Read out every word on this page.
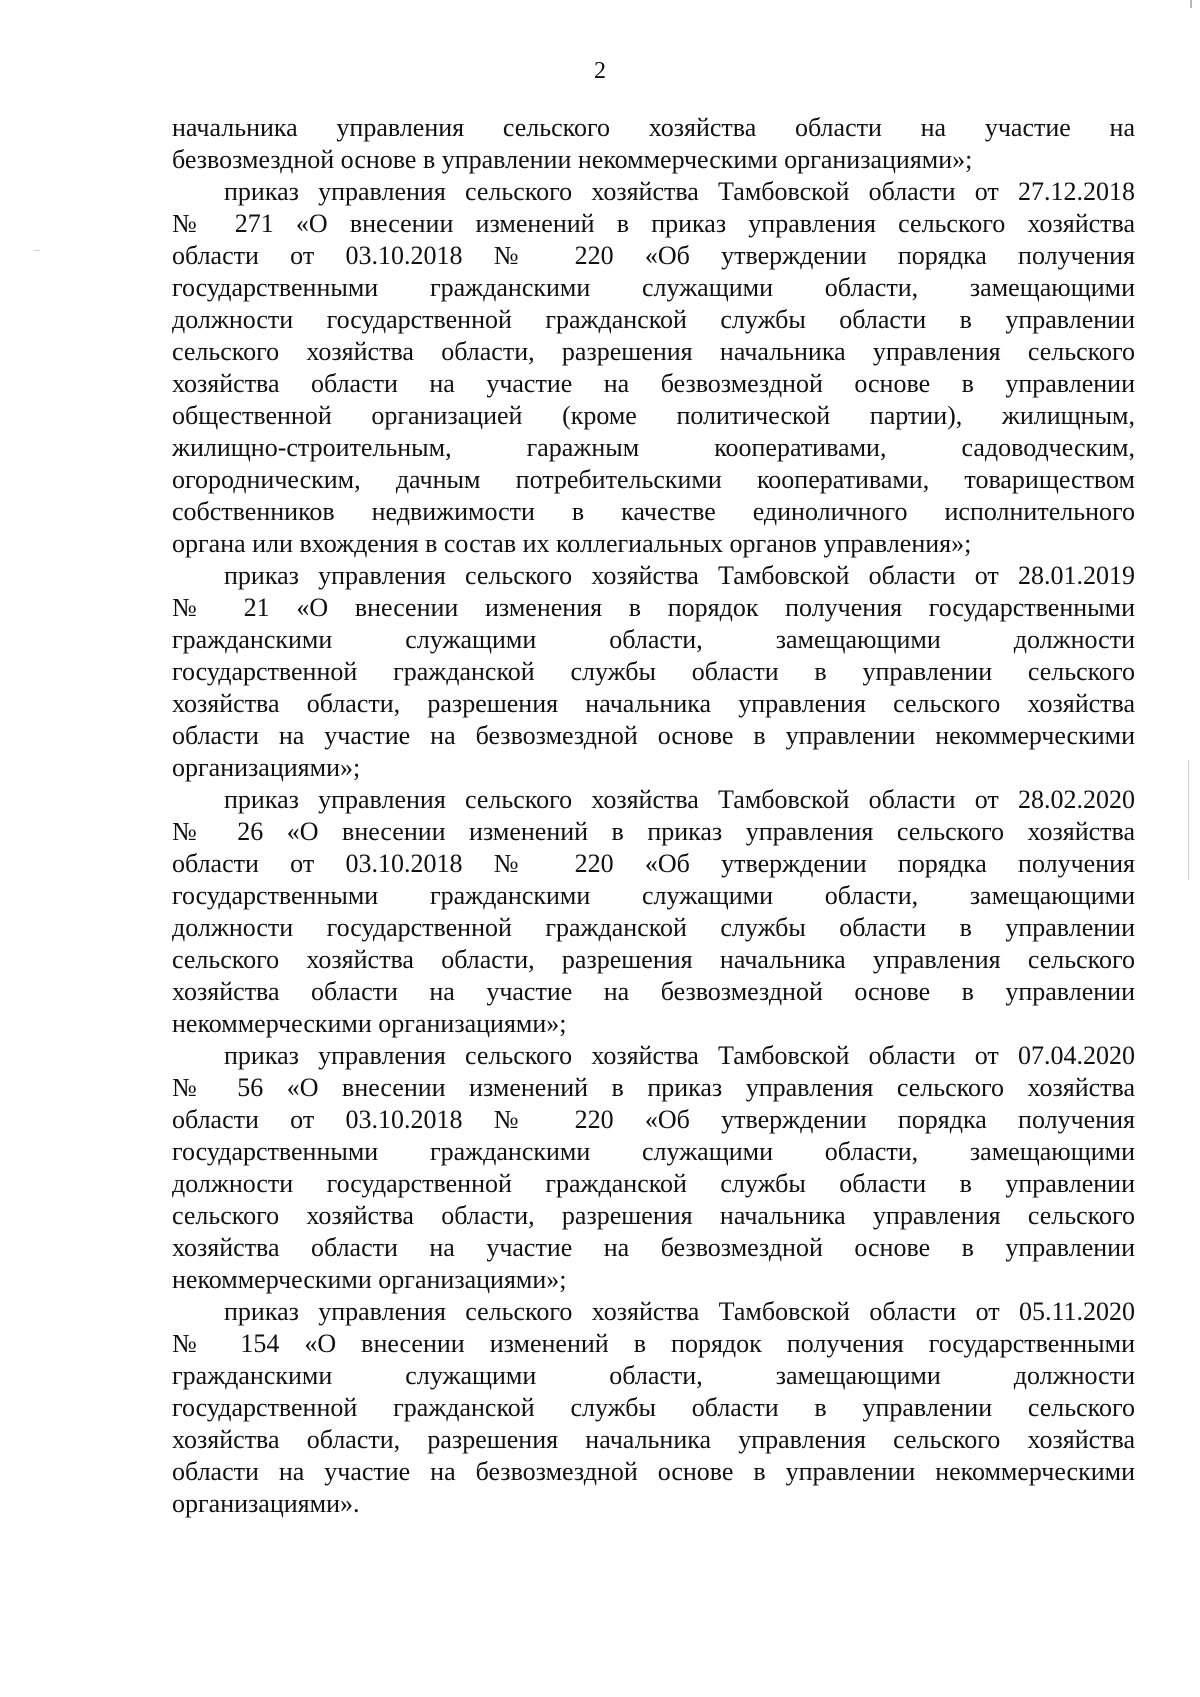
2
начальника управления сельского хозяйства области на участие на
безвозмездной основе в управлении некоммерческими организациями»;
приказ управления сельского хозяйства Тамбовской области от 27.12.2018
№ 271 «О внесении изменений в приказ управления сельского хозяйства
области от 03.10.2018 № 220 «Об утверждении порядка получения
государственными гражданскими служащими области, замещающими
должности государственной гражданской службы области в управлении
сельского хозяйства области, разрешения начальника управления сельского
хозяйства области на участие на безвозмездной основе в управлении
общественной организацией (кроме политической партии), жилищным,
жилищно-строительным, гаражным кооперативами, садоводческим,
огородническим, дачным потребительскими кооперативами, товариществом
собственников недвижимости в качестве единоличного исполнительного
органа или вхождения в состав их коллегиальных органов управления»;
приказ управления сельского хозяйства Тамбовской области от 28.01.2019
№ 21 «О внесении изменения в порядок получения государственными
гражданскими служащими области, замещающими должности
государственной гражданской службы области в управлении сельского
хозяйства области, разрешения начальника управления сельского хозяйства
области на участие на безвозмездной основе в управлении некоммерческими
организациями»;
приказ управления сельского хозяйства Тамбовской области от 28.02.2020
№ 26 «О внесении изменений в приказ управления сельского хозяйства
области от 03.10.2018 № 220 «Об утверждении порядка получения
государственными гражданскими служащими области, замещающими
должности государственной гражданской службы области в управлении
сельского хозяйства области, разрешения начальника управления сельского
хозяйства области на участие на безвозмездной основе в управлении
некоммерческими организациями»;
приказ управления сельского хозяйства Тамбовской области от 07.04.2020
№ 56 «О внесении изменений в приказ управления сельского хозяйства
области от 03.10.2018 № 220 «Об утверждении порядка получения
государственными гражданскими служащими области, замещающими
должности государственной гражданской службы области в управлении
сельского хозяйства области, разрешения начальника управления сельского
хозяйства области на участие на безвозмездной основе в управлении
некоммерческими организациями»;
приказ управления сельского хозяйства Тамбовской области от 05.11.2020
№ 154 «О внесении изменений в порядок получения государственными
гражданскими служащими области, замещающими должности
государственной гражданской службы области в управлении сельского
хозяйства области, разрешения начальника управления сельского хозяйства
области на участие на безвозмездной основе в управлении некоммерческими
организациями».
